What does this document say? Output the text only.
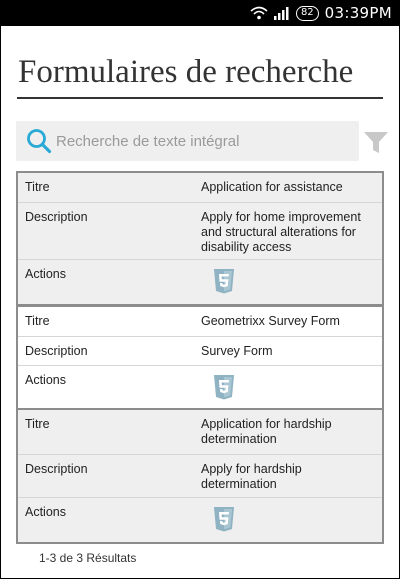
82 03:39PM
Formulaires de recherche
Recherche de texte intégral
Titre	Application for assistance
Description	Apply for home improvement and structural alterations for disability access
Actions
Titre	Geometrixx Survey Form
Description	Survey Form
Actions
Titre	Application for hardship determination
Description	Apply for hardship determination
Actions
1-3 de 3 Résultats
